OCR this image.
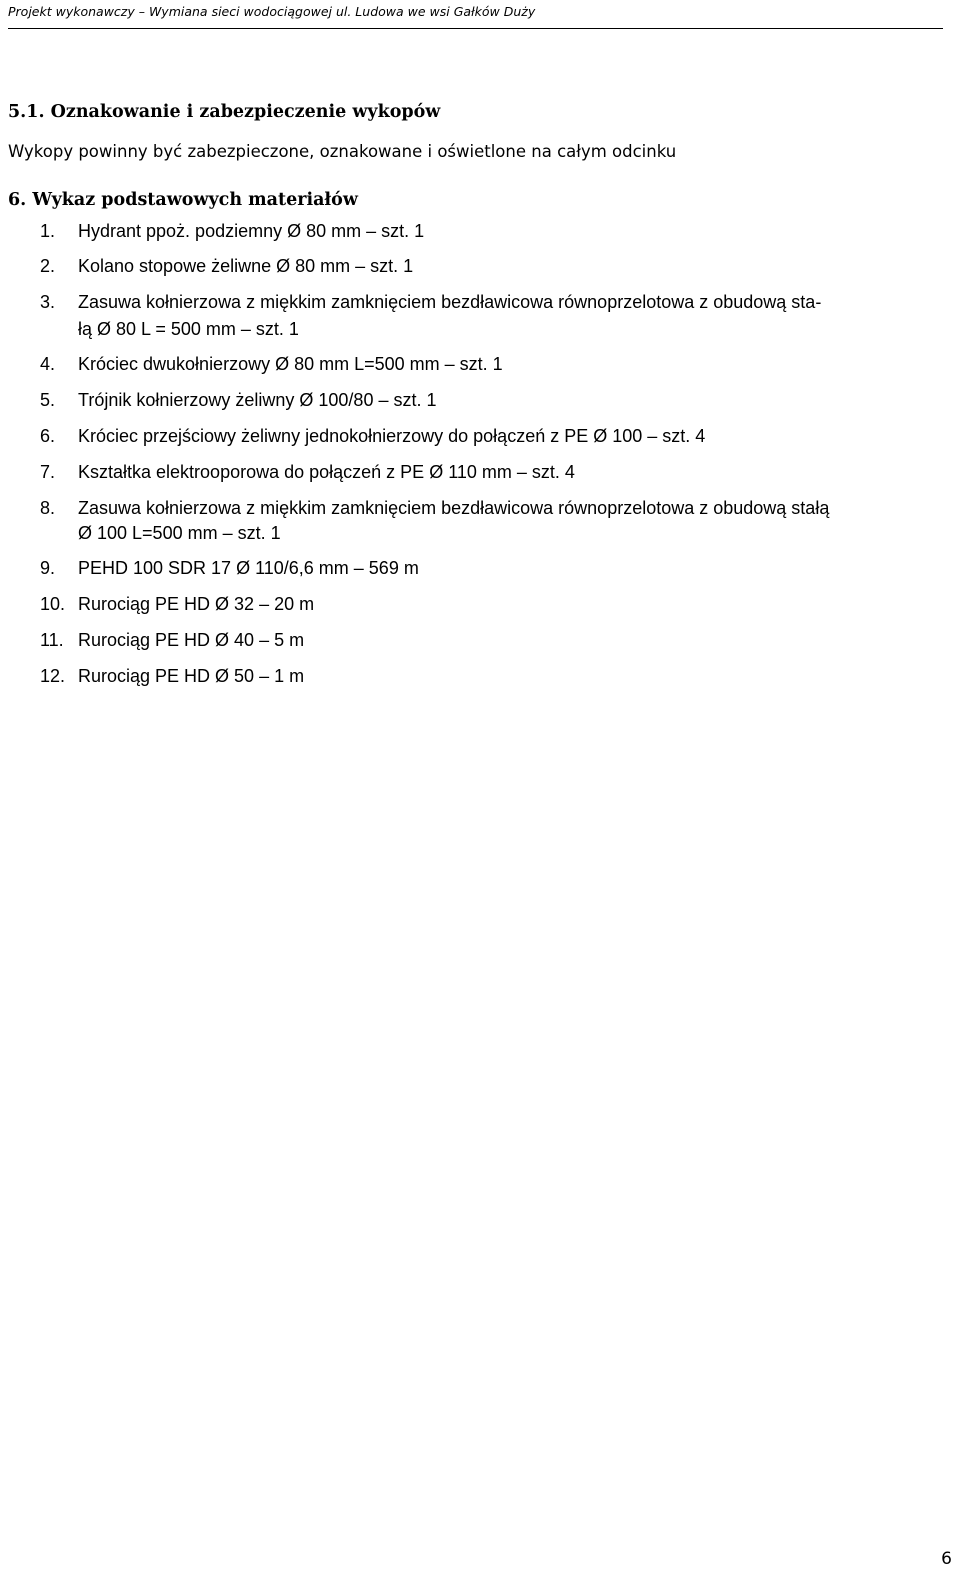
Projekt wykonawczy – Wymiana sieci wodociągowej ul. Ludowa we wsi Gałków Duży
5.1. Oznakowanie i zabezpieczenie wykopów
Wykopy powinny być zabezpieczone, oznakowane i oświetlone na całym odcinku
6. Wykaz podstawowych materiałów
1. Hydrant ppoż. podziemny Ø 80 mm – szt. 1
2. Kolano stopowe żeliwne Ø 80 mm – szt. 1
3. Zasuwa kołnierzowa z miękkim zamknięciem bezdławicowa równoprzelotowa z obudową sta-
łą Ø 80 L = 500 mm – szt. 1
4. Króciec dwukołnierzowy Ø 80 mm L=500 mm – szt. 1
5. Trójnik kołnierzowy żeliwny Ø 100/80 – szt. 1
6. Króciec przejściowy żeliwny jednokołnierzowy do połączeń z PE Ø 100 – szt. 4
7. Kształtka elektrooporowa do połączeń z PE Ø 110 mm – szt. 4
8. Zasuwa kołnierzowa z miękkim zamknięciem bezdławicowa równoprzelotowa z obudową stałą
Ø 100 L=500 mm – szt. 1
9. PEHD 100 SDR 17 Ø 110/6,6 mm – 569 m
10. Rurociąg PE HD Ø 32 – 20 m
11. Rurociąg PE HD Ø 40 – 5 m
12. Rurociąg PE HD Ø 50 – 1 m
6
